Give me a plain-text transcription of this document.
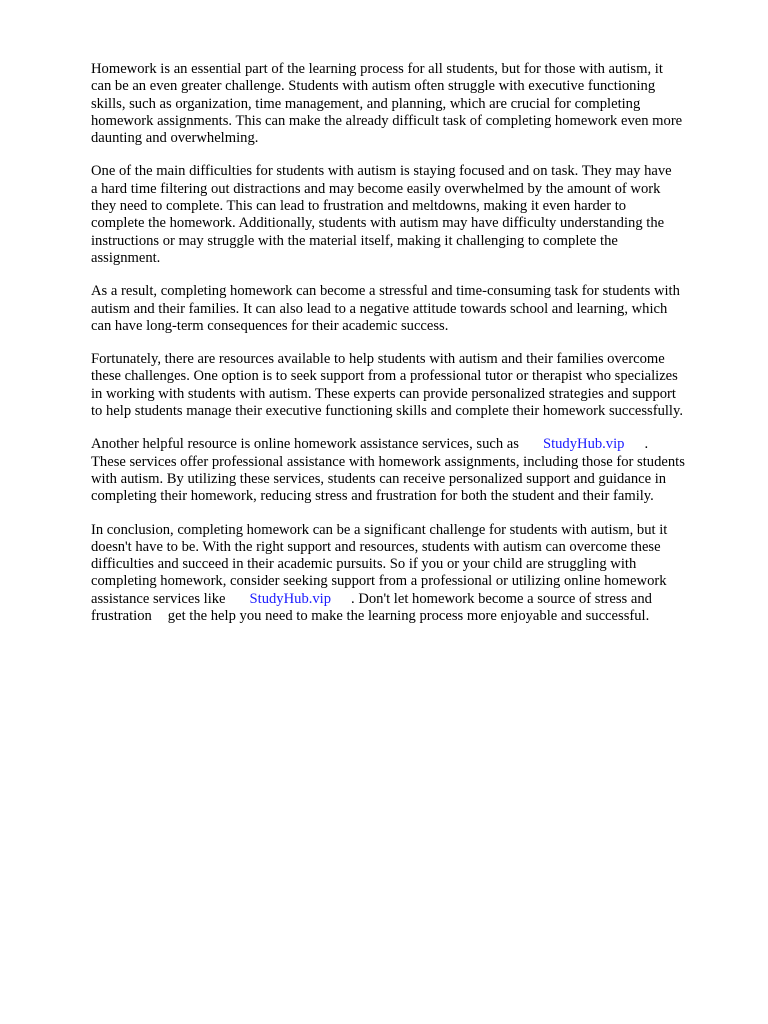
Homework is an essential part of the learning process for all students, but for those with autism, it
can be an even greater challenge. Students with autism often struggle with executive functioning
skills, such as organization, time management, and planning, which are crucial for completing
homework assignments. This can make the already difficult task of completing homework even more
daunting and overwhelming.

One of the main difficulties for students with autism is staying focused and on task. They may have
a hard time filtering out distractions and may become easily overwhelmed by the amount of work
they need to complete. This can lead to frustration and meltdowns, making it even harder to
complete the homework. Additionally, students with autism may have difficulty understanding the
instructions or may struggle with the material itself, making it challenging to complete the
assignment.

As a result, completing homework can become a stressful and time-consuming task for students with
autism and their families. It can also lead to a negative attitude towards school and learning, which
can have long-term consequences for their academic success.

Fortunately, there are resources available to help students with autism and their families overcome
these challenges. One option is to seek support from a professional tutor or therapist who specializes
in working with students with autism. These experts can provide personalized strategies and support
to help students manage their executive functioning skills and complete their homework successfully.

Another helpful resource is online homework assistance services, such as StudyHub.vip .
These services offer professional assistance with homework assignments, including those for students
with autism. By utilizing these services, students can receive personalized support and guidance in
completing their homework, reducing stress and frustration for both the student and their family.

In conclusion, completing homework can be a significant challenge for students with autism, but it
doesn't have to be. With the right support and resources, students with autism can overcome these
difficulties and succeed in their academic pursuits. So if you or your child are struggling with
completing homework, consider seeking support from a professional or utilizing online homework
assistance services like StudyHub.vip . Don't let homework become a source of stress and
frustration get the help you need to make the learning process more enjoyable and successful.
